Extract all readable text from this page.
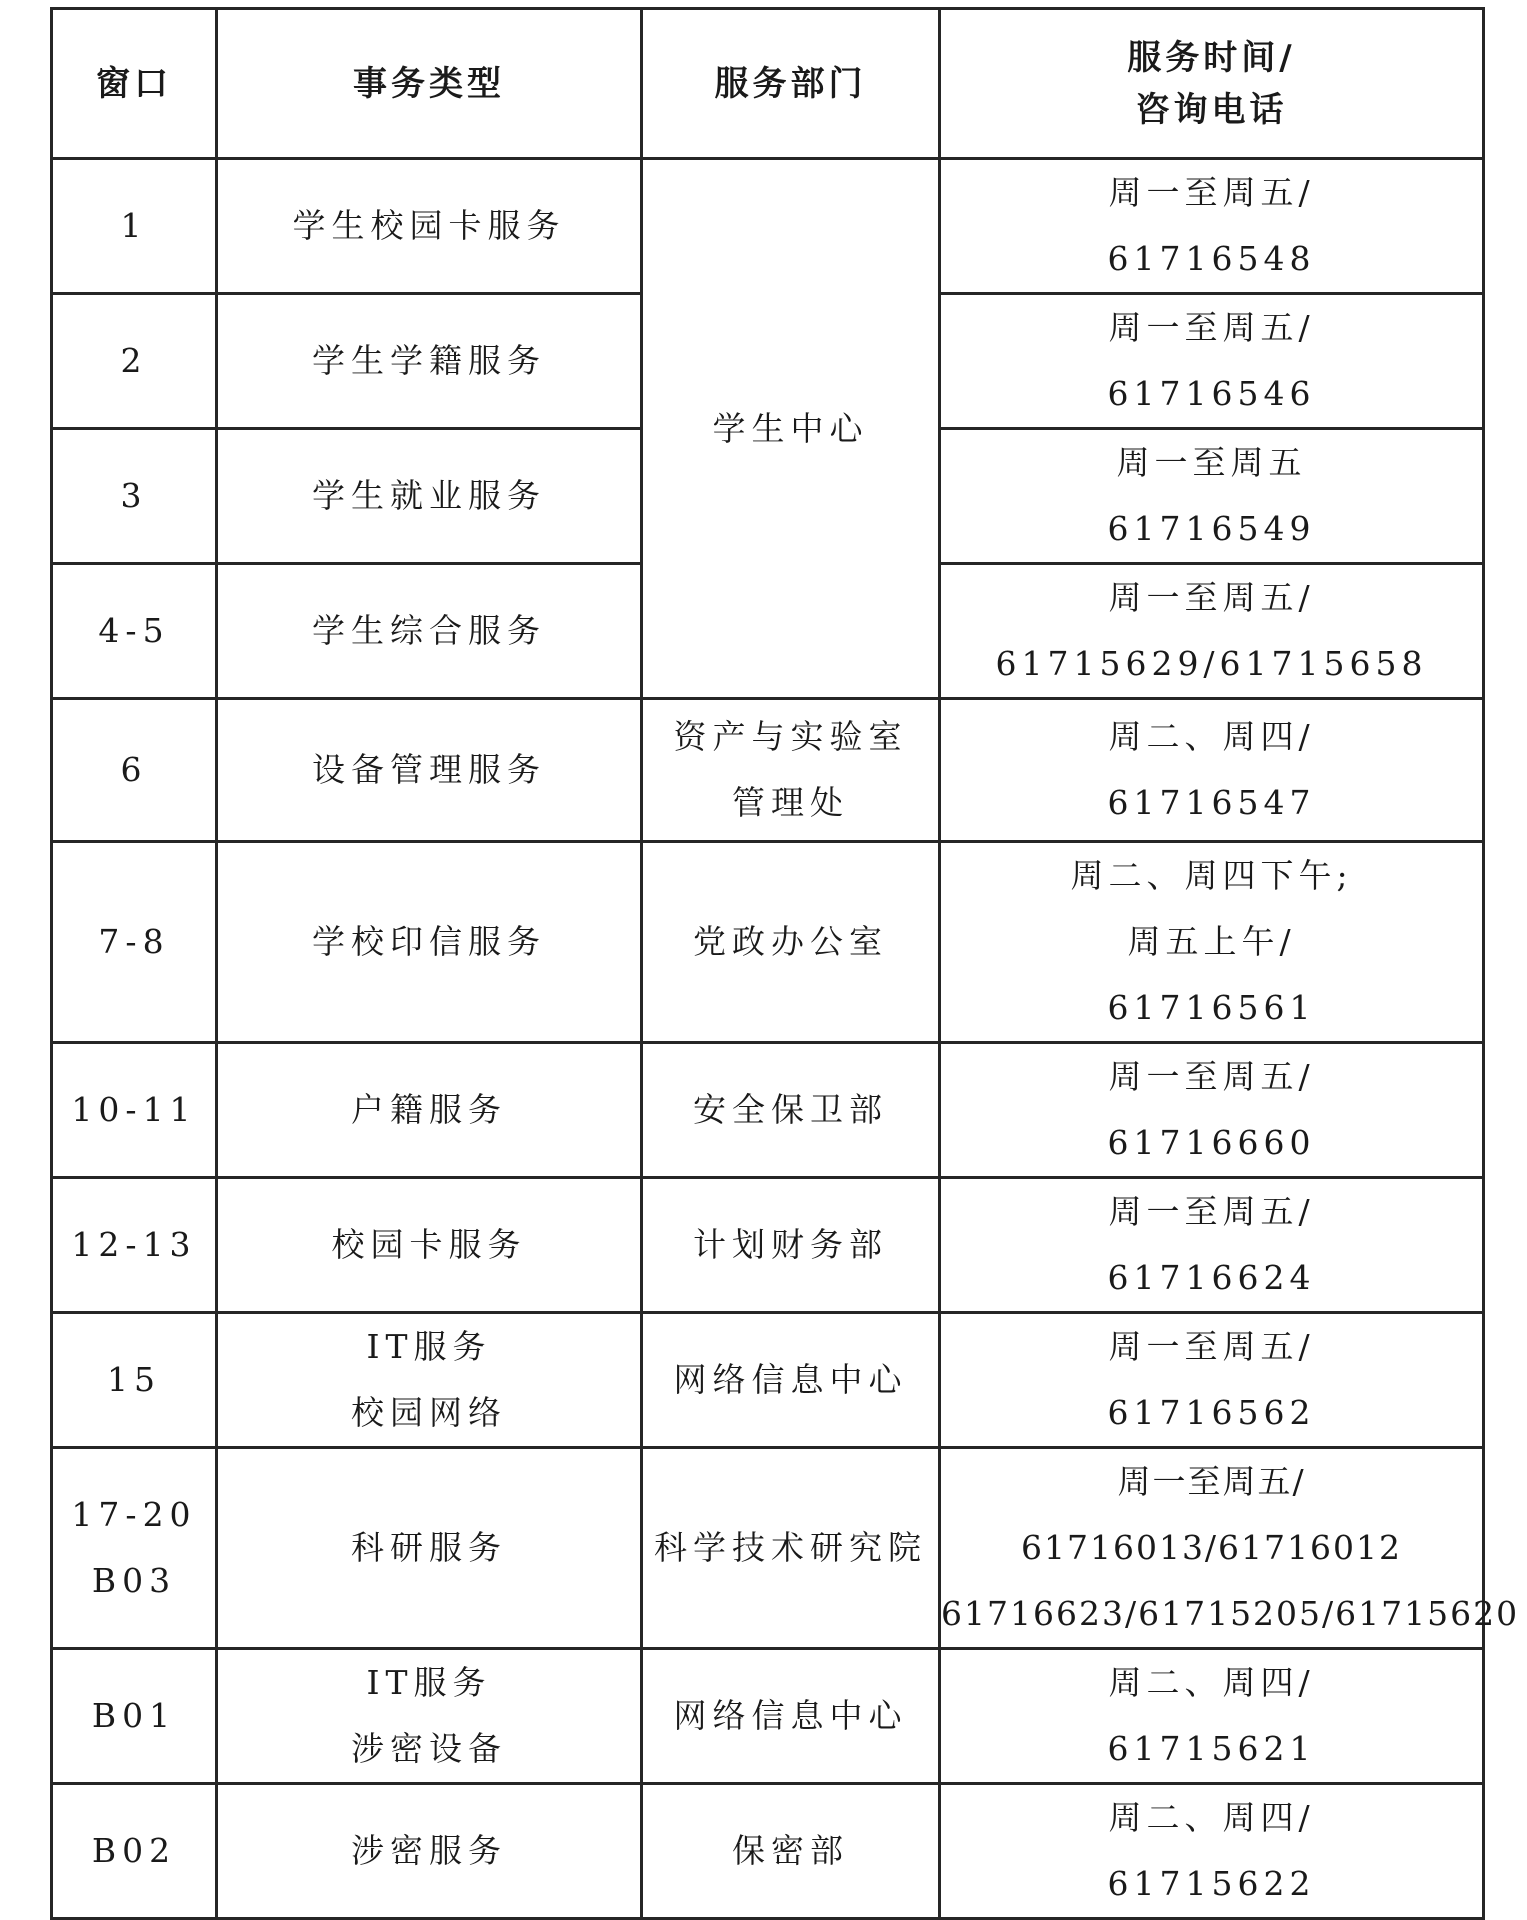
窗口	事务类型	服务部门	服务时间/
咨询电话

1	学生校园卡服务	学生中心	周一至周五/
61716548

2	学生学籍服务		周一至周五/
61716546

3	学生就业服务		周一至周五
61716549

4-5	学生综合服务		周一至周五/
61715629/61715658

6	设备管理服务	资产与实验室
管理处	周二、周四/
61716547

7-8	学校印信服务	党政办公室	周二、周四下午;
周五上午/
61716561

10-11	户籍服务	安全保卫部	周一至周五/
61716660

12-13	校园卡服务	计划财务部	周一至周五/
61716624

15	IT服务
校园网络	网络信息中心	周一至周五/
61716562

17-20
B03	科研服务	科学技术研究院	周一至周五/
61716013/61716012
61716623/61715205/61715620

B01	IT服务
涉密设备	网络信息中心	周二、周四/
61715621

B02	涉密服务	保密部	周二、周四/
61715622
